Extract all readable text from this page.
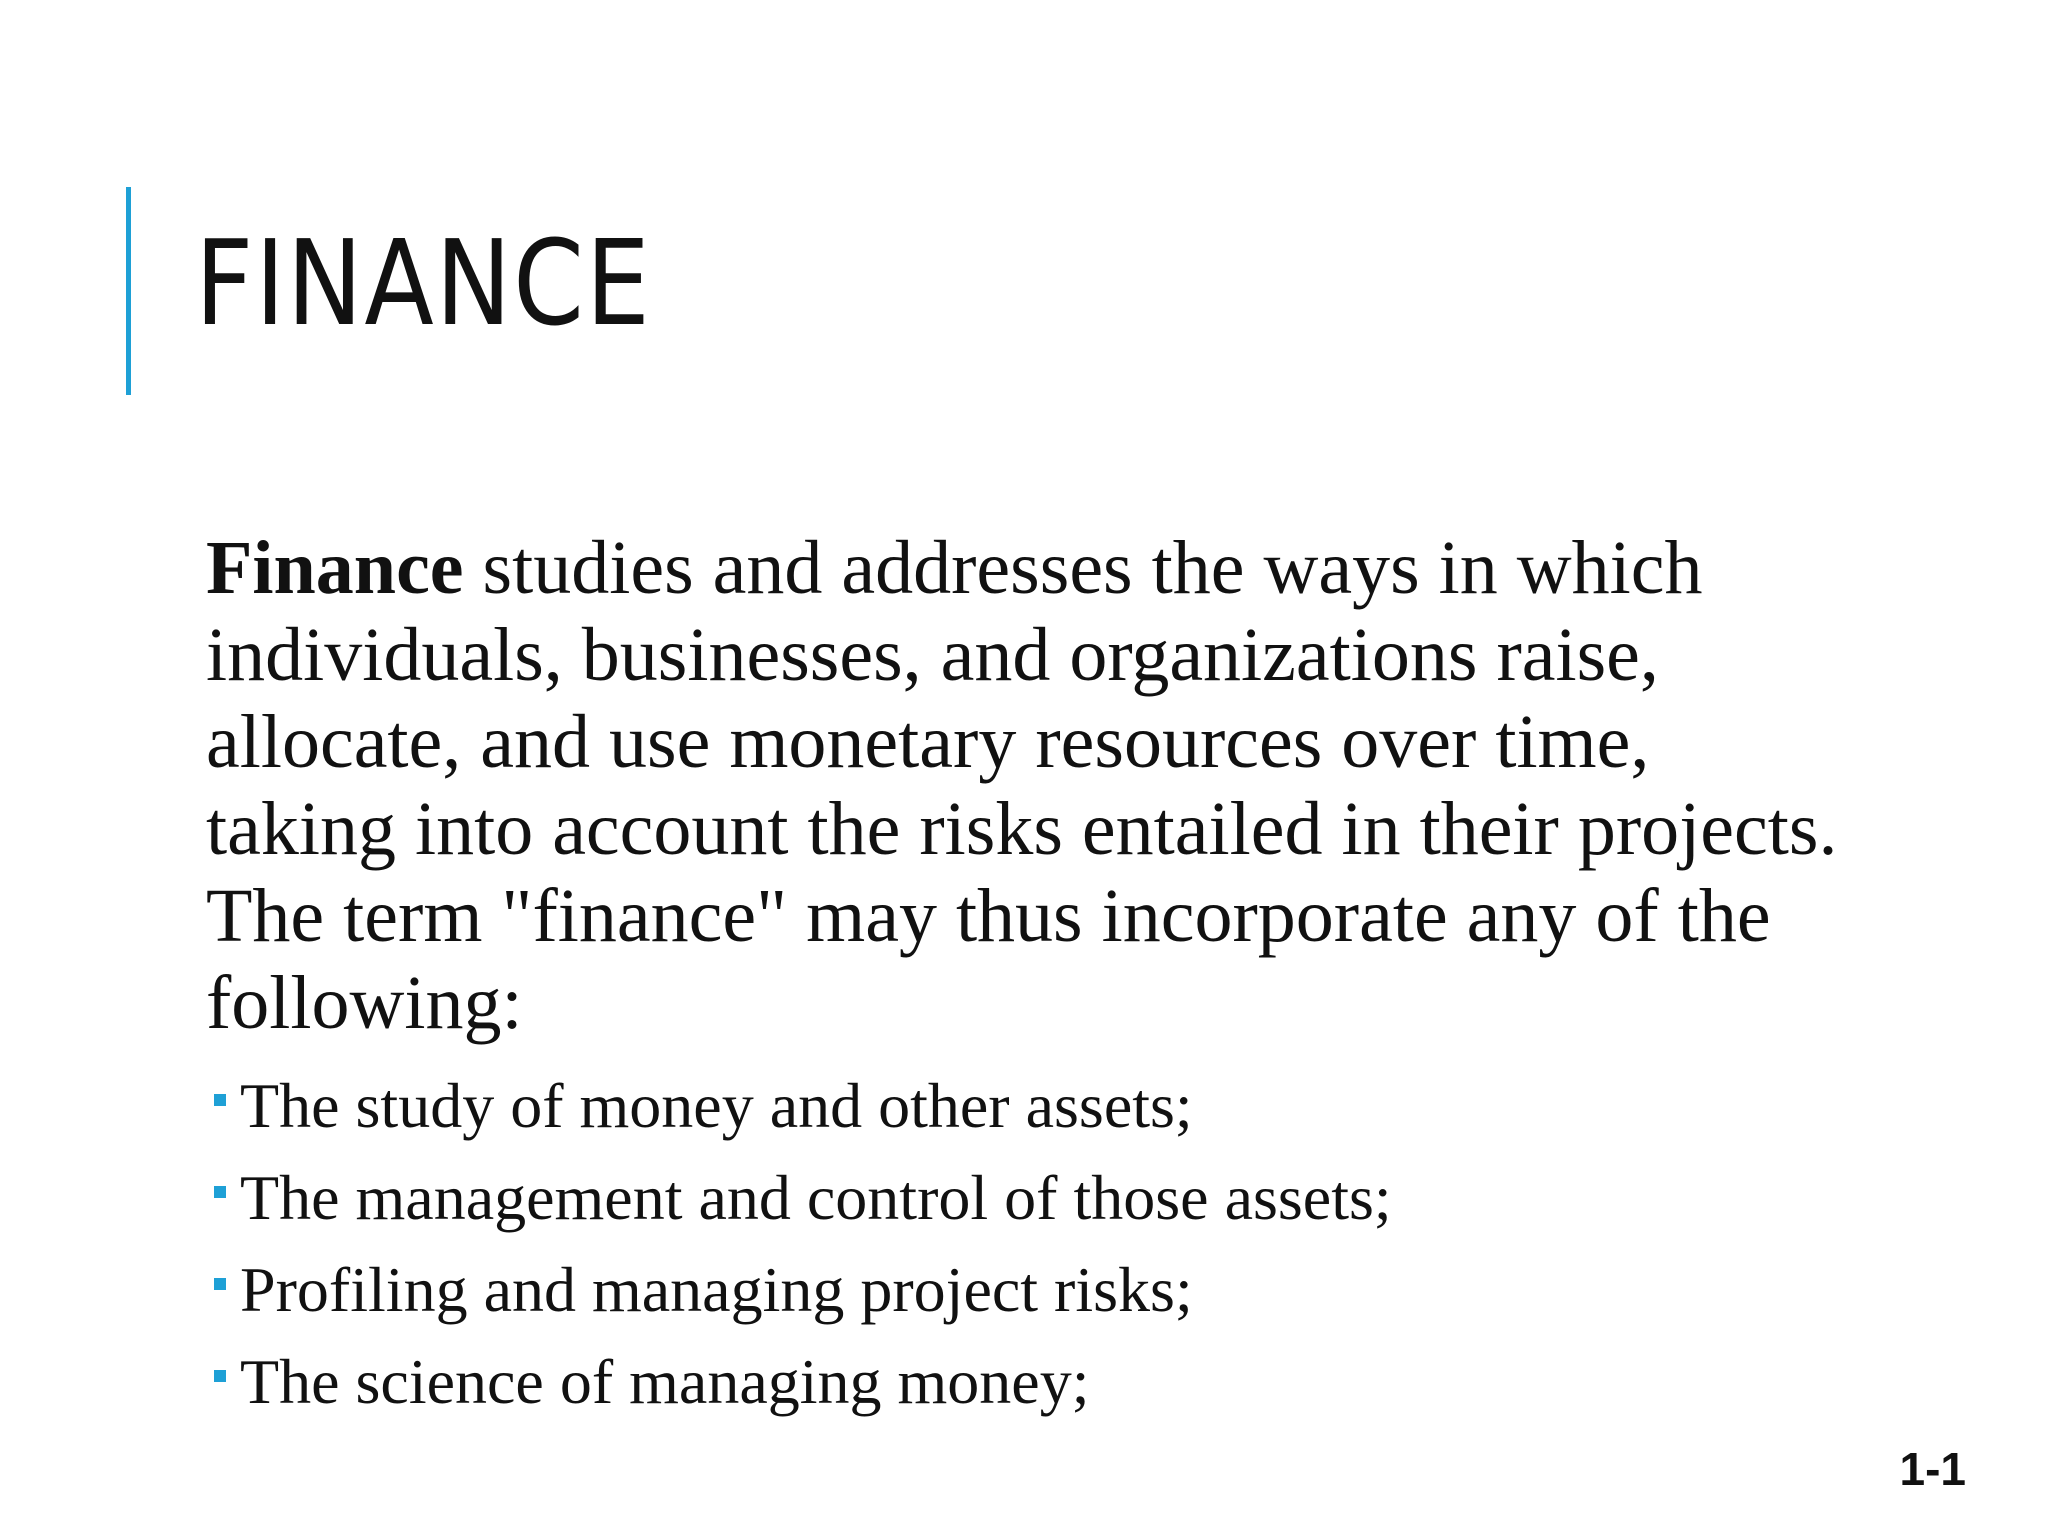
FINANCE

Finance studies and addresses the ways in which individuals, businesses, and organizations raise, allocate, and use monetary resources over time, taking into account the risks entailed in their projects. The term "finance" may thus incorporate any of the following:

The study of money and other assets;
The management and control of those assets;
Profiling and managing project risks;
The science of managing money;
1-1
